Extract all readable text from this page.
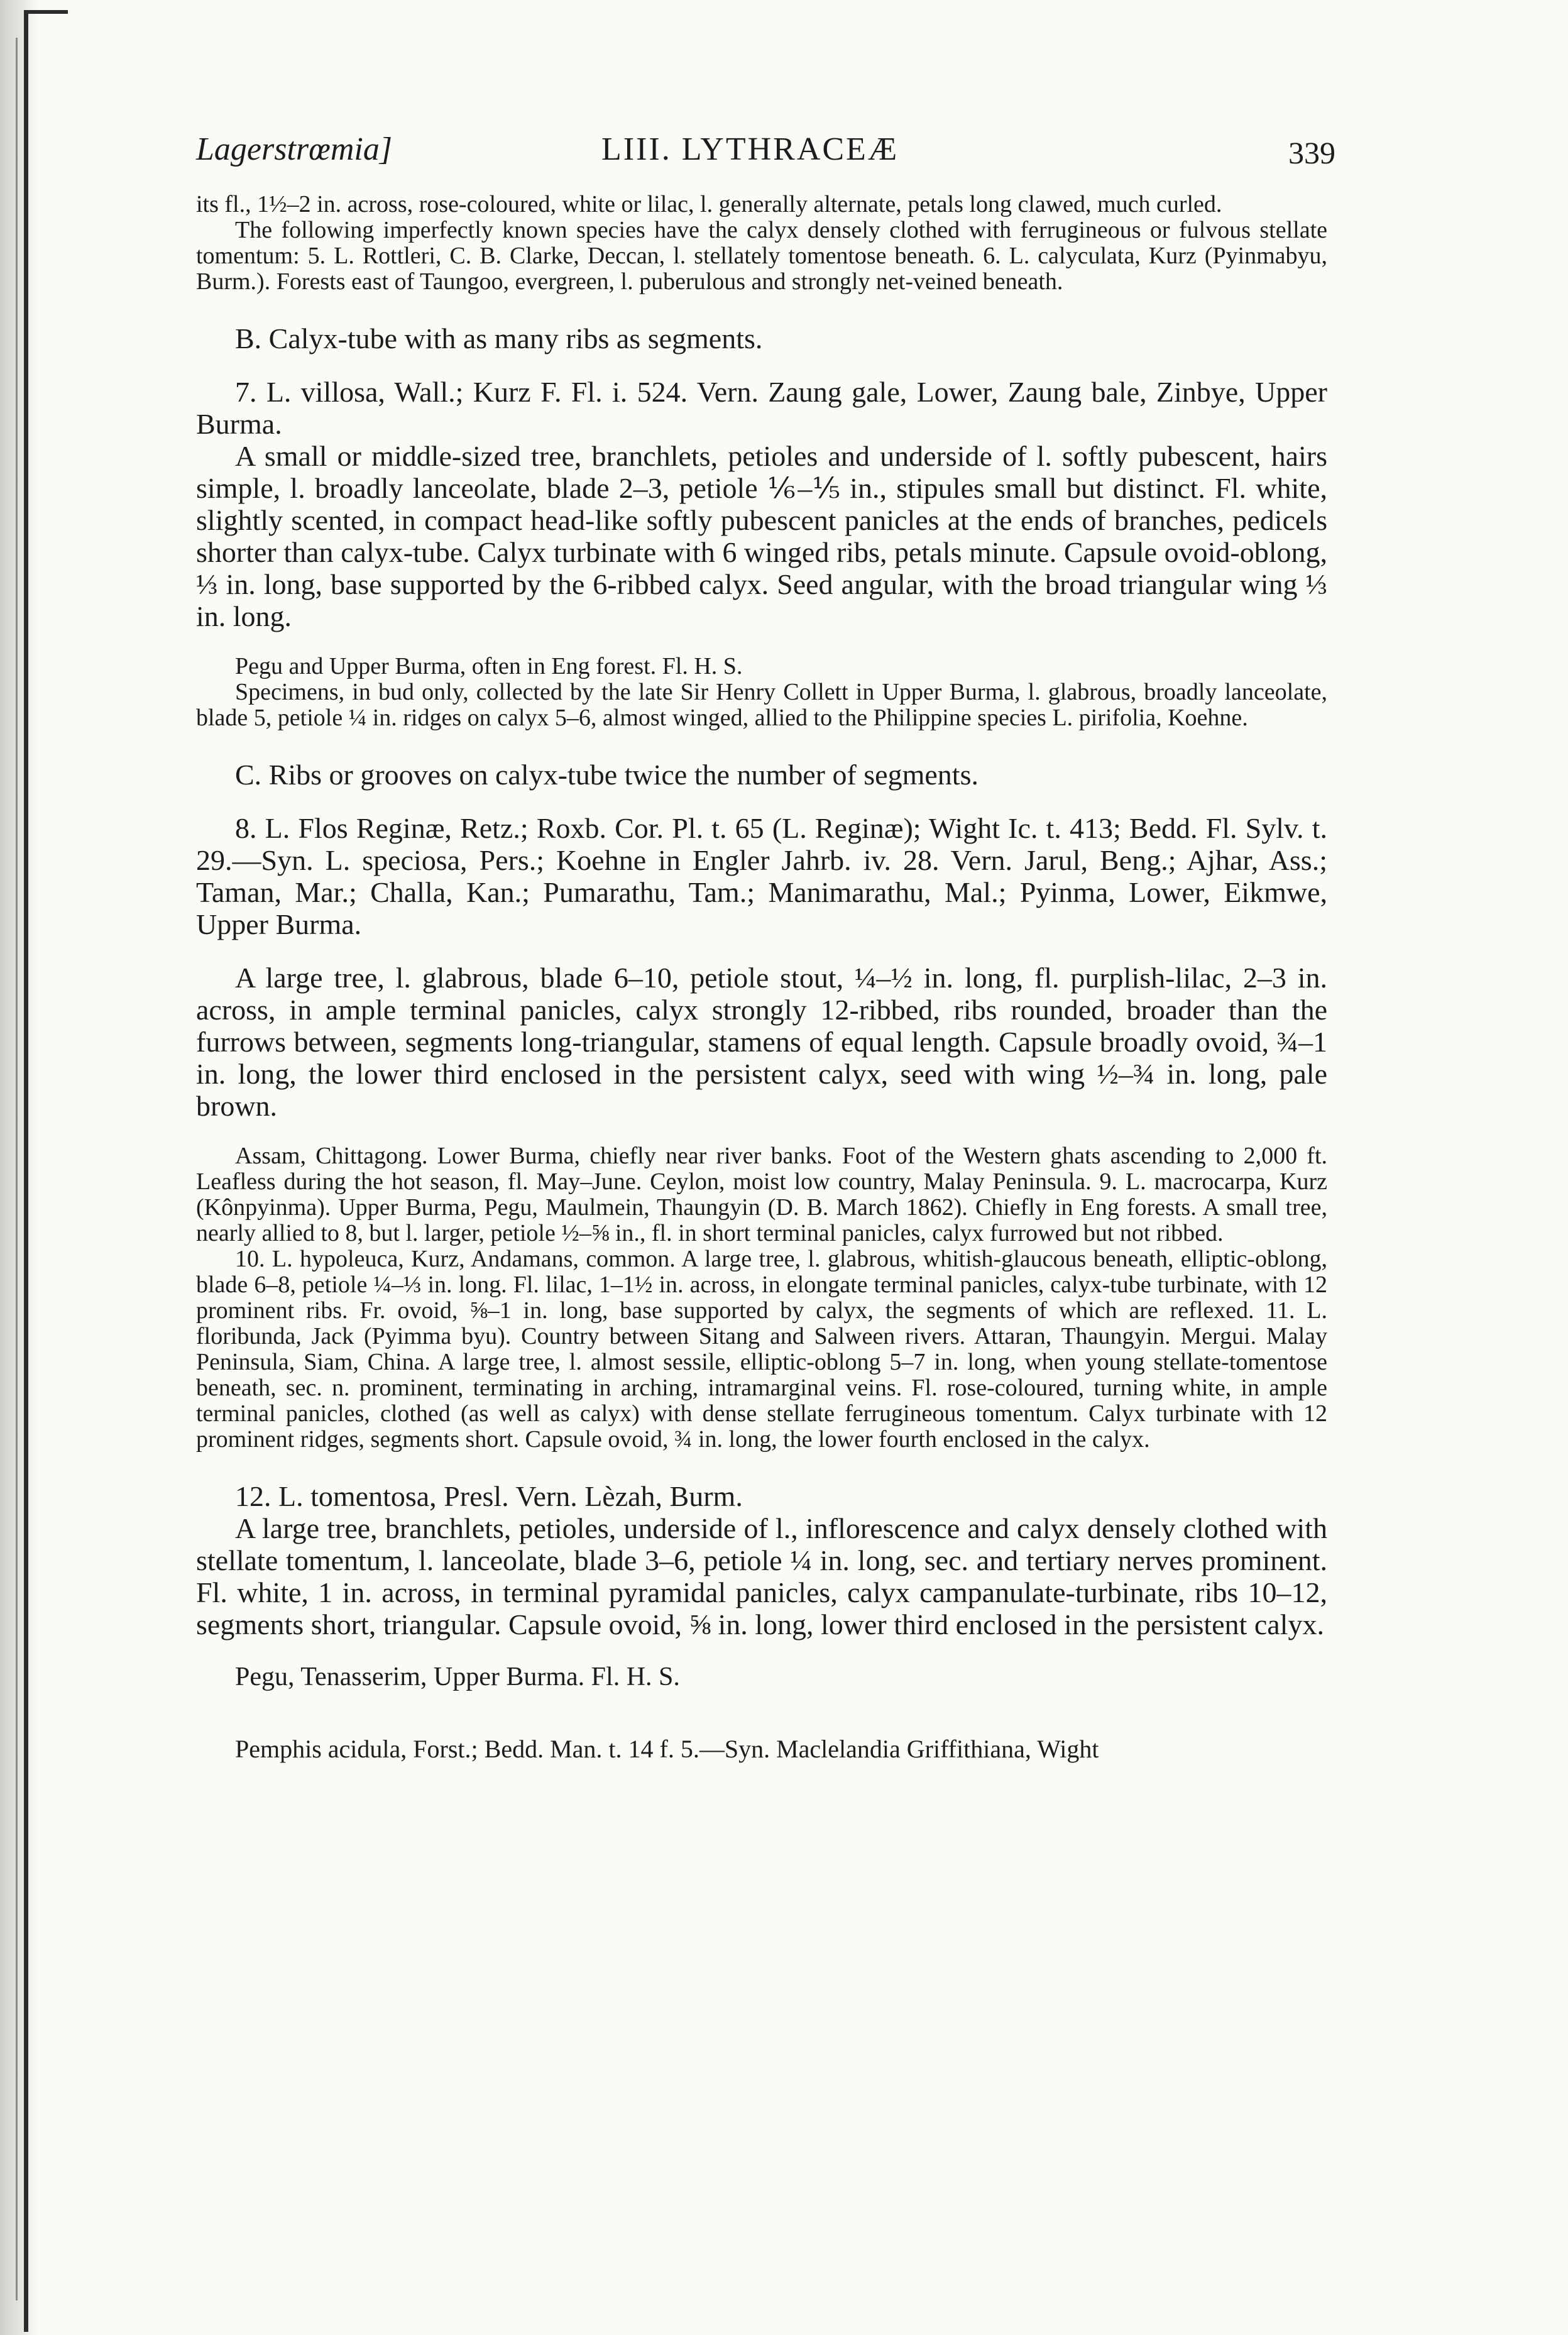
Lagerstrœmia]	LIII. LYTHRACEÆ	339

its fl., 1½–2 in. across, rose-coloured, white or lilac, l. generally alternate, petals long clawed, much curled.

The following imperfectly known species have the calyx densely clothed with ferrugineous or fulvous stellate tomentum: 5. L. Rottleri, C. B. Clarke, Deccan, l. stellately tomentose beneath. 6. L. calyculata, Kurz (Pyinmabyu, Burm.). Forests east of Taungoo, evergreen, l. puberulous and strongly net-veined beneath.

B. Calyx-tube with as many ribs as segments.

7. L. villosa, Wall.; Kurz F. Fl. i. 524. Vern. Zaung gale, Lower, Zaung bale, Zinbye, Upper Burma.

A small or middle-sized tree, branchlets, petioles and underside of l. softly pubescent, hairs simple, l. broadly lanceolate, blade 2–3, petiole ⅙–⅕ in., stipules small but distinct. Fl. white, slightly scented, in compact head-like softly pubescent panicles at the ends of branches, pedicels shorter than calyx-tube. Calyx turbinate with 6 winged ribs, petals minute. Capsule ovoid-oblong, ⅓ in. long, base supported by the 6-ribbed calyx. Seed angular, with the broad triangular wing ⅓ in. long.

Pegu and Upper Burma, often in Eng forest. Fl. H. S.

Specimens, in bud only, collected by the late Sir Henry Collett in Upper Burma, l. glabrous, broadly lanceolate, blade 5, petiole ¼ in. ridges on calyx 5–6, almost winged, allied to the Philippine species L. pirifolia, Koehne.

C. Ribs or grooves on calyx-tube twice the number of segments.

8. L. Flos Reginæ, Retz.; Roxb. Cor. Pl. t. 65 (L. Reginæ); Wight Ic. t. 413; Bedd. Fl. Sylv. t. 29.—Syn. L. speciosa, Pers.; Koehne in Engler Jahrb. iv. 28. Vern. Jarul, Beng.; Ajhar, Ass.; Taman, Mar.; Challa, Kan.; Pumarathu, Tam.; Manimarathu, Mal.; Pyinma, Lower, Eikmwe, Upper Burma.

A large tree, l. glabrous, blade 6–10, petiole stout, ¼–½ in. long, fl. purplish-lilac, 2–3 in. across, in ample terminal panicles, calyx strongly 12-ribbed, ribs rounded, broader than the furrows between, segments long-triangular, stamens of equal length. Capsule broadly ovoid, ¾–1 in. long, the lower third enclosed in the persistent calyx, seed with wing ½–¾ in. long, pale brown.

Assam, Chittagong. Lower Burma, chiefly near river banks. Foot of the Western ghats ascending to 2,000 ft. Leafless during the hot season, fl. May–June. Ceylon, moist low country, Malay Peninsula. 9. L. macrocarpa, Kurz (Kônpyinma). Upper Burma, Pegu, Maulmein, Thaungyin (D. B. March 1862). Chiefly in Eng forests. A small tree, nearly allied to 8, but l. larger, petiole ½–⅝ in., fl. in short terminal panicles, calyx furrowed but not ribbed.

10. L. hypoleuca, Kurz, Andamans, common. A large tree, l. glabrous, whitish-glaucous beneath, elliptic-oblong, blade 6–8, petiole ¼–⅓ in. long. Fl. lilac, 1–1½ in. across, in elongate terminal panicles, calyx-tube turbinate, with 12 prominent ribs. Fr. ovoid, ⅝–1 in. long, base supported by calyx, the segments of which are reflexed. 11. L. floribunda, Jack (Pyimma byu). Country between Sitang and Salween rivers. Attaran, Thaungyin. Mergui. Malay Peninsula, Siam, China. A large tree, l. almost sessile, elliptic-oblong 5–7 in. long, when young stellate-tomentose beneath, sec. n. prominent, terminating in arching, intramarginal veins. Fl. rose-coloured, turning white, in ample terminal panicles, clothed (as well as calyx) with dense stellate ferrugineous tomentum. Calyx turbinate with 12 prominent ridges, segments short. Capsule ovoid, ¾ in. long, the lower fourth enclosed in the calyx.

12. L. tomentosa, Presl. Vern. Lèzah, Burm.

A large tree, branchlets, petioles, underside of l., inflorescence and calyx densely clothed with stellate tomentum, l. lanceolate, blade 3–6, petiole ¼ in. long, sec. and tertiary nerves prominent. Fl. white, 1 in. across, in terminal pyramidal panicles, calyx campanulate-turbinate, ribs 10–12, segments short, triangular. Capsule ovoid, ⅝ in. long, lower third enclosed in the persistent calyx.

Pegu, Tenasserim, Upper Burma. Fl. H. S.

Pemphis acidula, Forst.; Bedd. Man. t. 14 f. 5.—Syn. Maclelandia Griffithiana, Wight
